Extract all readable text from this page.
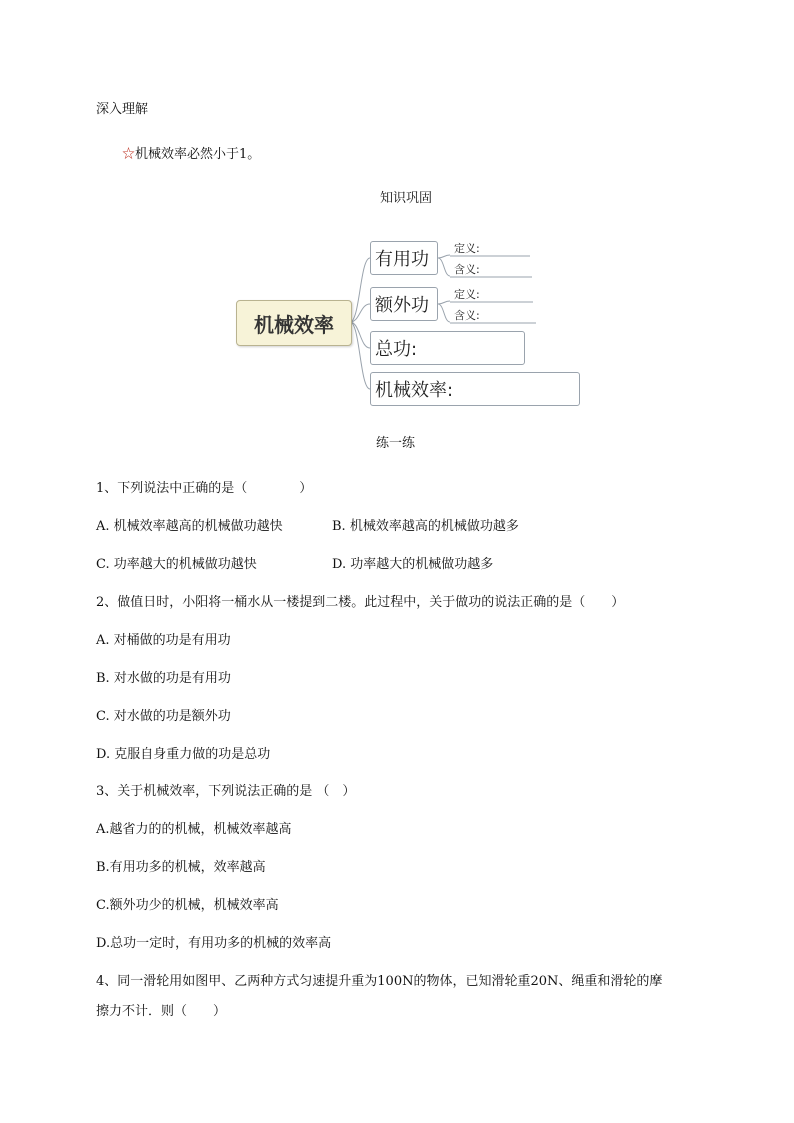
深入理解
☆机械效率必然小于1。
知识巩固
机械效率
有用功
定义:
含义:
额外功
定义:
含义:
总功:
机械效率:
练一练
1、下列说法中正确的是（　　　　）
A. 机械效率越高的机械做功越快	B. 机械效率越高的机械做功越多
C. 功率越大的机械做功越快	D. 功率越大的机械做功越多
2、做值日时，小阳将一桶水从一楼提到二楼。此过程中，关于做功的说法正确的是（　　）
A. 对桶做的功是有用功
B. 对水做的功是有用功
C. 对水做的功是额外功
D. 克服自身重力做的功是总功
3、关于机械效率，下列说法正确的是 （　）
A.越省力的的机械，机械效率越高
B.有用功多的机械，效率越高
C.额外功少的机械，机械效率高
D.总功一定时，有用功多的机械的效率高
4、同一滑轮用如图甲、乙两种方式匀速提升重为100N的物体，已知滑轮重20N、绳重和滑轮的摩
擦力不计．则（　　）
